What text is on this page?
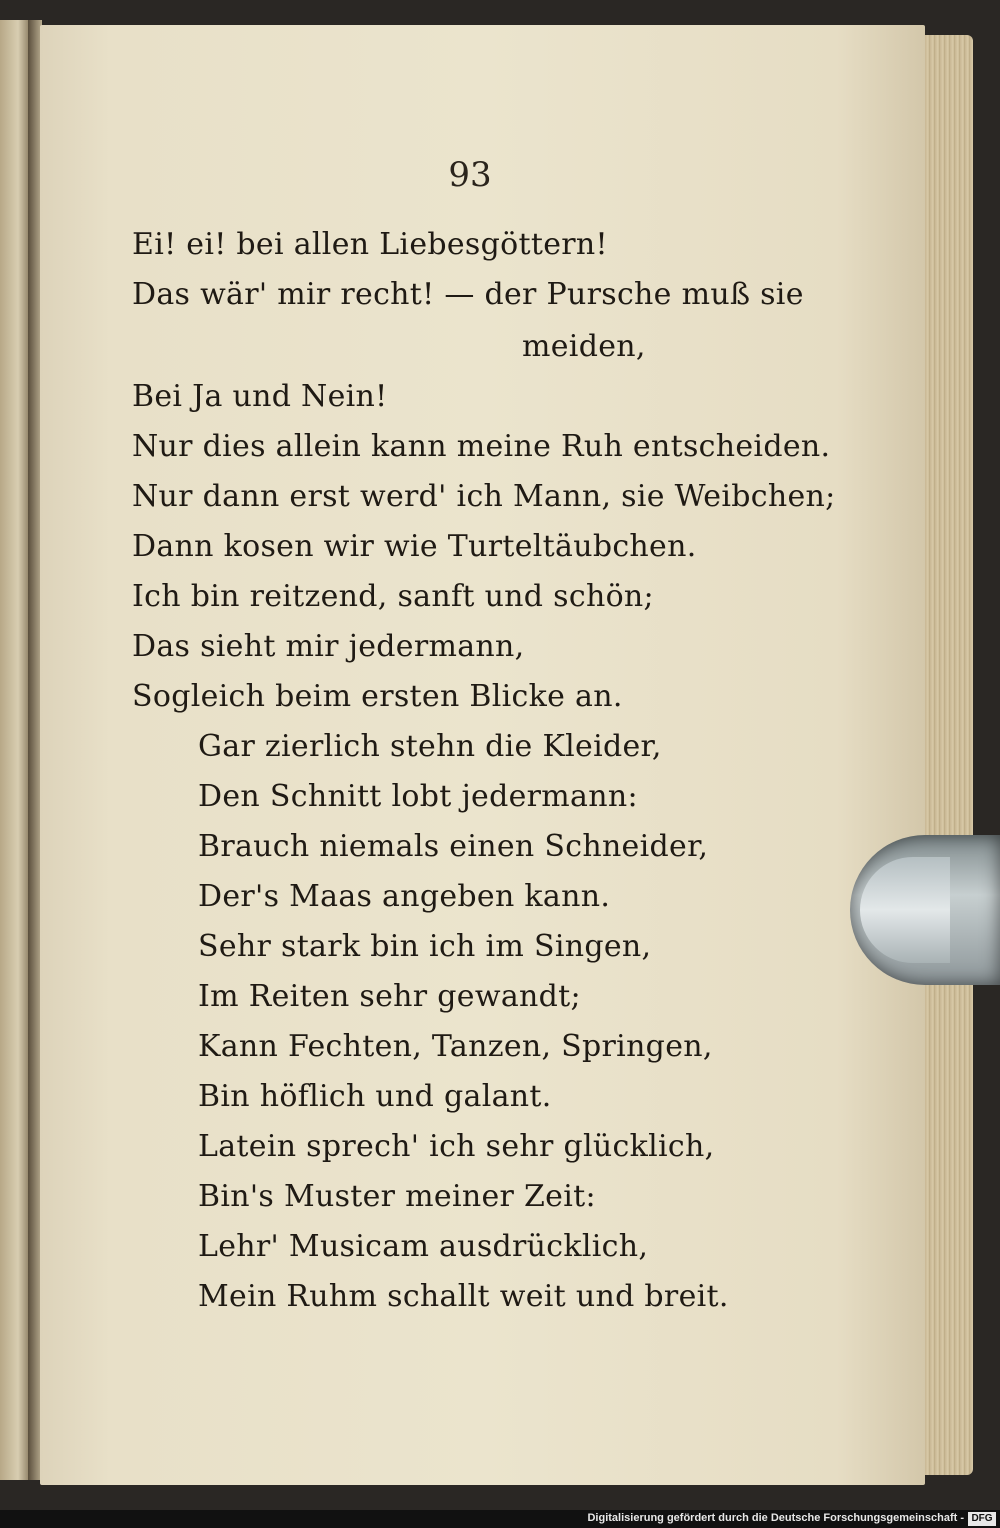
93
Ei! ei! bei allen Liebesgöttern!
Das wär' mir recht! — der Pursche muß sie
meiden,
Bei Ja und Nein!
Nur dies allein kann meine Ruh entscheiden.
Nur dann erst werd' ich Mann, sie Weibchen;
Dann kosen wir wie Turteltäubchen.
Ich bin reitzend, sanft und schön;
Das sieht mir jedermann,
Sogleich beim ersten Blicke an.
Gar zierlich stehn die Kleider,
Den Schnitt lobt jedermann:
Brauch niemals einen Schneider,
Der's Maas angeben kann.
Sehr stark bin ich im Singen,
Im Reiten sehr gewandt;
Kann Fechten, Tanzen, Springen,
Bin höflich und galant.
Latein sprech' ich sehr glücklich,
Bin's Muster meiner Zeit:
Lehr' Musicam ausdrücklich,
Mein Ruhm schallt weit und breit.
Digitalisierung gefördert durch die Deutsche Forschungsgemeinschaft - DFG
